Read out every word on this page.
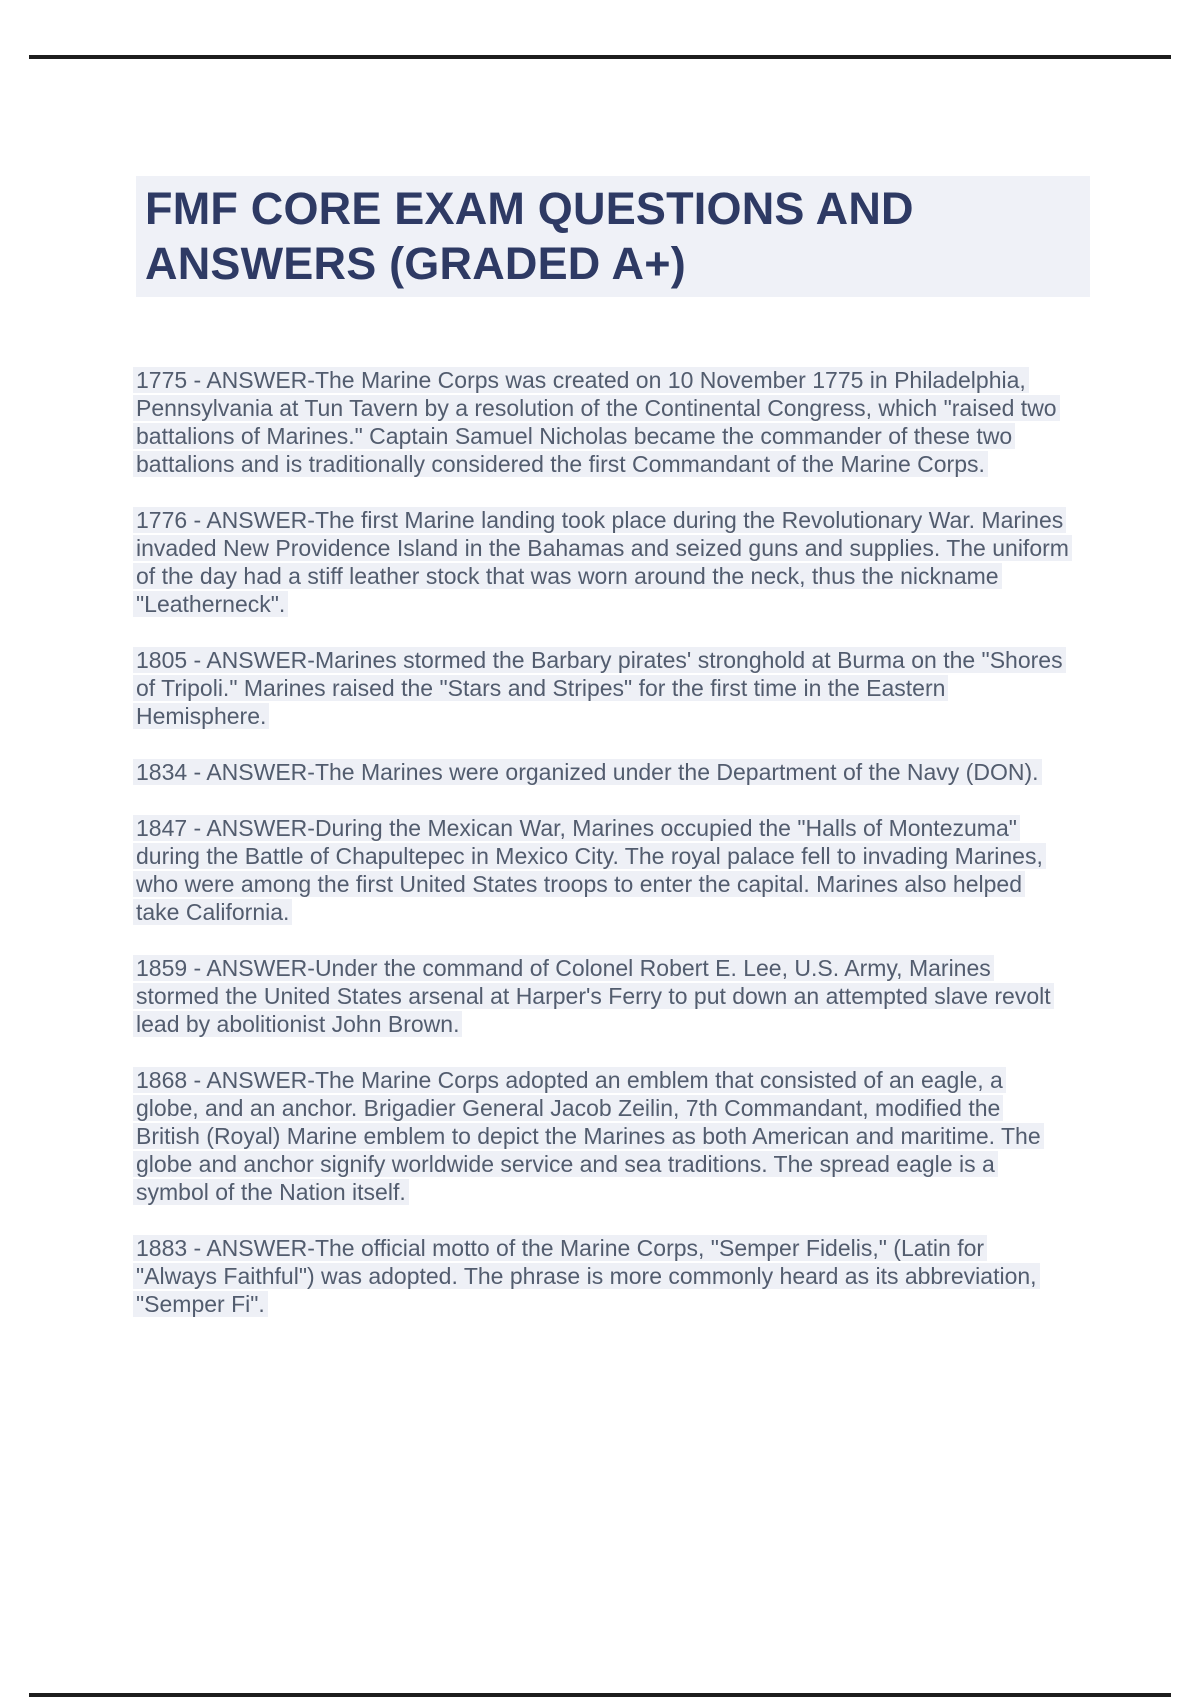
FMF CORE EXAM QUESTIONS AND ANSWERS (GRADED A+)

1775 - ANSWER-The Marine Corps was created on 10 November 1775 in Philadelphia, Pennsylvania at Tun Tavern by a resolution of the Continental Congress, which "raised two battalions of Marines." Captain Samuel Nicholas became the commander of these two battalions and is traditionally considered the first Commandant of the Marine Corps.

1776 - ANSWER-The first Marine landing took place during the Revolutionary War. Marines invaded New Providence Island in the Bahamas and seized guns and supplies. The uniform of the day had a stiff leather stock that was worn around the neck, thus the nickname "Leatherneck".

1805 - ANSWER-Marines stormed the Barbary pirates' stronghold at Burma on the "Shores of Tripoli." Marines raised the "Stars and Stripes" for the first time in the Eastern Hemisphere.

1834 - ANSWER-The Marines were organized under the Department of the Navy (DON).

1847 - ANSWER-During the Mexican War, Marines occupied the "Halls of Montezuma" during the Battle of Chapultepec in Mexico City. The royal palace fell to invading Marines, who were among the first United States troops to enter the capital. Marines also helped take California.

1859 - ANSWER-Under the command of Colonel Robert E. Lee, U.S. Army, Marines stormed the United States arsenal at Harper's Ferry to put down an attempted slave revolt lead by abolitionist John Brown.

1868 - ANSWER-The Marine Corps adopted an emblem that consisted of an eagle, a globe, and an anchor. Brigadier General Jacob Zeilin, 7th Commandant, modified the British (Royal) Marine emblem to depict the Marines as both American and maritime. The globe and anchor signify worldwide service and sea traditions. The spread eagle is a symbol of the Nation itself.

1883 - ANSWER-The official motto of the Marine Corps, "Semper Fidelis," (Latin for "Always Faithful") was adopted. The phrase is more commonly heard as its abbreviation, "Semper Fi".
